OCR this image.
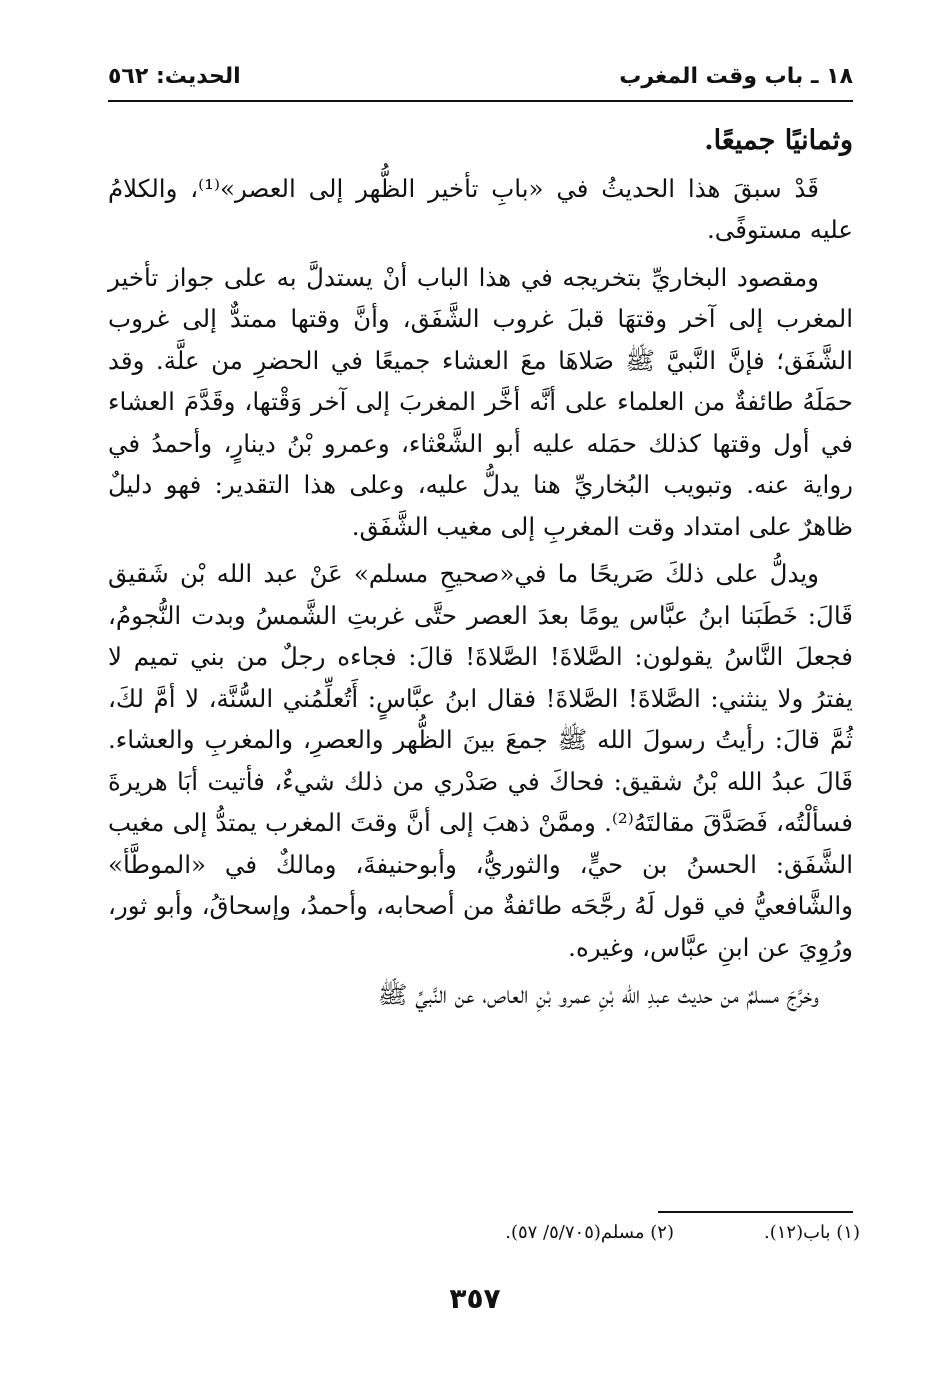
١٨ ـ باب وقت المغرب
الحديث: ٥٦٢

وثمانيًا جميعًا.

قَدْ سبقَ هذا الحديثُ في «بابِ تأخير الظُّهر إلى العصر»⁽¹⁾، والكلامُ عليه مستوفًى.

ومقصود البخاريِّ بتخريجه في هذا الباب أنْ يستدلَّ به على جواز تأخير المغرب إلى آخر وقتهَا قبلَ غروب الشَّفَق، وأنَّ وقتها ممتدٌّ إلى غروب الشَّفَق؛ فإنَّ النَّبيَّ ﷺ صَلاهَا معَ العشاء جميعًا في الحضرِ من علَّة. وقد حمَلَهُ طائفةٌ من العلماء على أنَّه أخَّر المغربَ إلى آخر وَقْتها، وقَدَّمَ العشاء في أول وقتها كذلك حمَله عليه أبو الشَّعْثاء، وعمرو بْنُ دينارٍ، وأحمدُ في رواية عنه. وتبويب البُخاريِّ هنا يدلُّ عليه، وعلى هذا التقدير: فهو دليلٌ ظاهرٌ على امتداد وقت المغربِ إلى مغيب الشَّفَق.

ويدلُّ على ذلكَ صَريحًا ما في«صحيحِ مسلم» عَنْ عبد الله بْن شَقيق قَالَ: خَطَبَنا ابنُ عبَّاس يومًا بعدَ العصر حتَّى غربتِ الشَّمسُ وبدت النُّجومُ، فجعلَ النَّاسُ يقولون: الصَّلاةَ! الصَّلاةَ! قالَ: فجاءه رجلٌ من بني تميم لا يفترُ ولا ينثني: الصَّلاةَ! الصَّلاةَ! فقال ابنُ عبَّاسٍ: أَتُعلِّمُني السُّنَّة، لا أمَّ لكَ، ثُمَّ قالَ: رأيتُ رسولَ الله ﷺ جمعَ بينَ الظُّهر والعصرِ، والمغربِ والعشاء. قَالَ عبدُ الله بْنُ شقيق: فحاكَ في صَدْري من ذلك شيءٌ، فأتيت أبَا هريرةَ فسألْتُه، فَصَدَّقَ مقالتَهُ⁽²⁾. وممَّنْ ذهبَ إلى أنَّ وقتَ المغرب يمتدُّ إلى مغيب الشَّفَق: الحسنُ بن حيٍّ، والثوريُّ، وأبوحنيفةَ، ومالكٌ في «الموطَّأ» والشَّافعيُّ في قول لَهُ رجَّحَه طائفةٌ من أصحابه، وأحمدُ، وإسحاقُ، وأبو ثور، ورُوِيَ عن ابنِ عبَّاس، وغيره.

وخرَّجَ مسلمٌ من حديث عبدِ الله بْنِ عمرو بْنِ العاص، عن النَّبيِّ ﷺ

(١) باب(١٢).
(٢) مسلم(٥/٧٠٥/ ٥٧).
٣٥٧
